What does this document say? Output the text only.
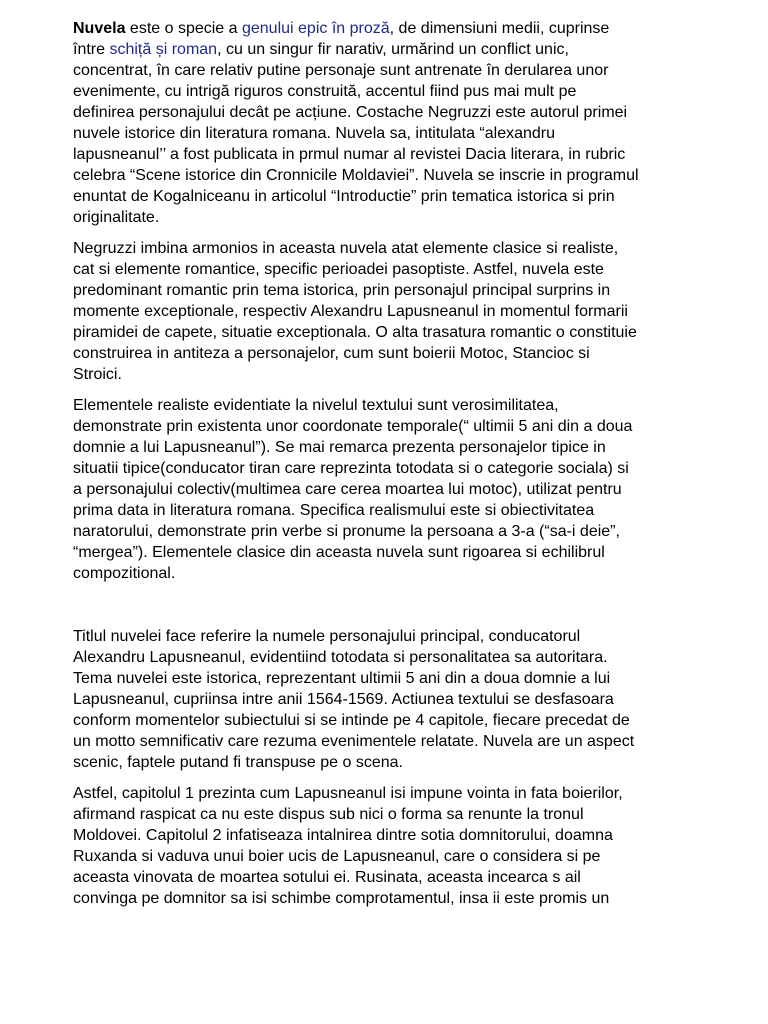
Nuvela este o specie a genului epic în proză, de dimensiuni medii, cuprinse
între schiță și roman, cu un singur fir narativ, urmărind un conflict unic,
concentrat, în care relativ putine personaje sunt antrenate în derularea unor
evenimente, cu intrigă riguros construită, accentul fiind pus mai mult pe
definirea personajului decât pe acțiune. Costache Negruzzi este autorul primei
nuvele istorice din literatura romana. Nuvela sa, intitulata “alexandru
lapusneanul’’ a fost publicata in prmul numar al revistei Dacia literara, in rubric
celebra “Scene istorice din Cronnicile Moldaviei”. Nuvela se inscrie in programul
enuntat de Kogalniceanu in articolul “Introductie” prin tematica istorica si prin
originalitate.
Negruzzi imbina armonios in aceasta nuvela atat elemente clasice si realiste,
cat si elemente romantice, specific perioadei pasoptiste. Astfel, nuvela este
predominant romantic prin tema istorica, prin personajul principal surprins in
momente exceptionale, respectiv Alexandru Lapusneanul in momentul formarii
piramidei de capete, situatie exceptionala. O alta trasatura romantic o constituie
construirea in antiteza a personajelor, cum sunt boierii Motoc, Stancioc si
Stroici.
Elementele realiste evidentiate la nivelul textului sunt verosimilitatea,
demonstrate prin existenta unor coordonate temporale(“ ultimii 5 ani din a doua
domnie a lui Lapusneanul”). Se mai remarca prezenta personajelor tipice in
situatii tipice(conducator tiran care reprezinta totodata si o categorie sociala) si
a personajului colectiv(multimea care cerea moartea lui motoc), utilizat pentru
prima data in literatura romana. Specifica realismului este si obiectivitatea
naratorului, demonstrate prin verbe si pronume la persoana a 3-a (“sa-i deie”,
“mergea”). Elementele clasice din aceasta nuvela sunt rigoarea si echilibrul
compozitional.
Titlul nuvelei face referire la numele personajului principal, conducatorul
Alexandru Lapusneanul, evidentiind totodata si personalitatea sa autoritara.
Tema nuvelei este istorica, reprezentant ultimii 5 ani din a doua domnie a lui
Lapusneanul, cupriinsa intre anii 1564-1569. Actiunea textului se desfasoara
conform momentelor subiectului si se intinde pe 4 capitole, fiecare precedat de
un motto semnificativ care rezuma evenimentele relatate. Nuvela are un aspect
scenic, faptele putand fi transpuse pe o scena.
Astfel, capitolul 1 prezinta cum Lapusneanul isi impune vointa in fata boierilor,
afirmand raspicat ca nu este dispus sub nici o forma sa renunte la tronul
Moldovei. Capitolul 2 infatiseaza intalnirea dintre sotia domnitorului, doamna
Ruxanda si vaduva unui boier ucis de Lapusneanul, care o considera si pe
aceasta vinovata de moartea sotului ei. Rusinata, aceasta incearca s ail
convinga pe domnitor sa isi schimbe comprotamentul, insa ii este promis un
